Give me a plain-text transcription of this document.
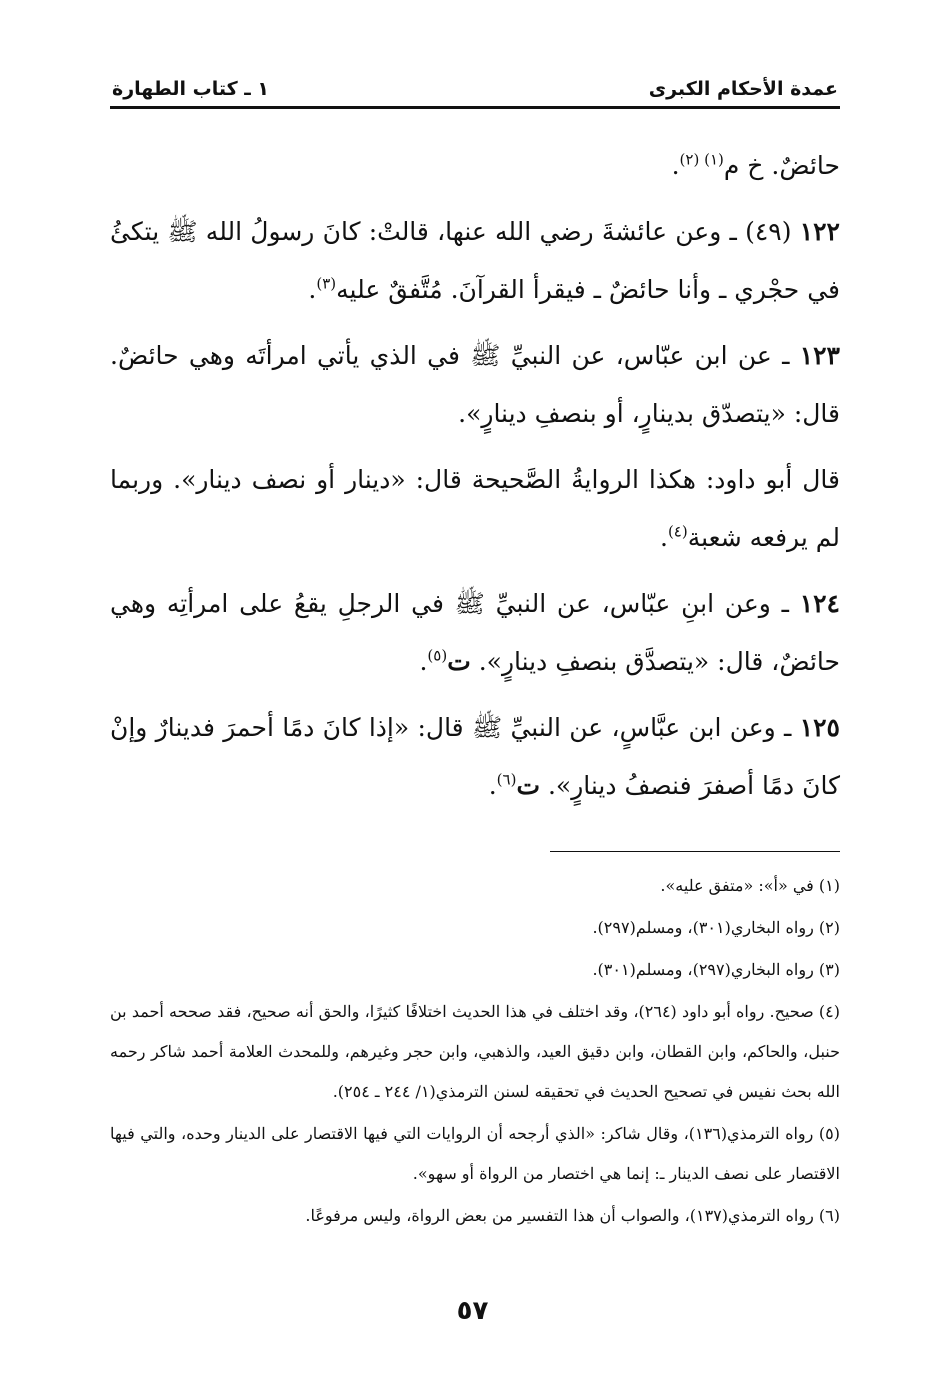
عمدة الأحكام الكبرى
١ ـ كتاب الطهارة

حائضٌ. خ م$^{(١) (٢)}$.

١٢٢ (٤٩) ـ وعن عائشةَ رضي الله عنها، قالتْ: كانَ رسولُ الله ﷺ يتكئُ في حجْري ـ وأنا حائضٌ ـ فيقرأ القرآنَ. مُتَّفقٌ عليه$^{(٣)}$.

١٢٣ ـ عن ابن عبّاس، عن النبيِّ ﷺ في الذي يأتي امرأتَه وهي حائضٌ. قال: «يتصدّق بدينارٍ، أو بنصفِ دينارٍ».

قال أبو داود: هكذا الروايةُ الصَّحيحة قال: «دينار أو نصف دينار». وربما لم يرفعه شعبة$^{(٤)}$.

١٢٤ ـ وعن ابنِ عبّاس، عن النبيِّ ﷺ في الرجلِ يقعُ على امرأتِه وهي حائضٌ، قال: «يتصدَّق بنصفِ دينارٍ». ت$^{(٥)}$.

١٢٥ ـ وعن ابن عبَّاسٍ، عن النبيِّ ﷺ قال: «إذا كانَ دمًا أحمرَ فدينارٌ وإنْ كانَ دمًا أصفرَ فنصفُ دينارٍ». ت$^{(٦)}$.

(١) في «أ»: «متفق عليه».

(٢) رواه البخاري(٣٠١)، ومسلم(٢٩٧).

(٣) رواه البخاري(٢٩٧)، ومسلم(٣٠١).

(٤) صحيح. رواه أبو داود (٢٦٤)، وقد اختلف في هذا الحديث اختلافًا كثيرًا، والحق أنه صحيح، فقد صححه أحمد بن حنبل، والحاكم، وابن القطان، وابن دقيق العيد، والذهبي، وابن حجر وغيرهم، وللمحدث العلامة أحمد شاكر رحمه الله بحث نفيس في تصحيح الحديث في تحقيقه لسنن الترمذي(١/ ٢٤٤ ـ ٢٥٤).

(٥) رواه الترمذي(١٣٦)، وقال شاكر: «الذي أرجحه أن الروايات التي فيها الاقتصار على الدينار وحده، والتي فيها الاقتصار على نصف الدينار ـ: إنما هي اختصار من الرواة أو سهو».

(٦) رواه الترمذي(١٣٧)، والصواب أن هذا التفسير من بعض الرواة، وليس مرفوعًا.

٥٧
